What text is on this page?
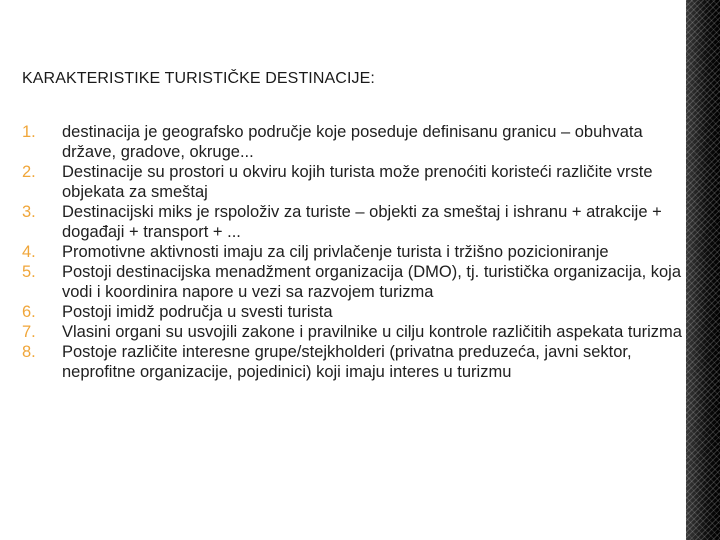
KARAKTERISTIKE TURISTIČKE DESTINACIJE:
1.	destinacija je geografsko područje koje poseduje definisanu granicu – obuhvata države, gradove, okruge...
2.	Destinacije su prostori u okviru kojih turista može prenoćiti koristeći različite vrste objekata za smeštaj
3.	Destinacijski miks je rspoloživ za turiste – objekti za smeštaj i ishranu + atrakcije + događaji + transport + ...
4.	Promotivne aktivnosti imaju za cilj privlačenje turista i tržišno pozicioniranje
5.	Postoji destinacijska menadžment organizacija (DMO), tj. turistička organizacija, koja vodi i koordinira napore u vezi sa razvojem turizma
6.	Postoji imidž područja u svesti turista
7.	Vlasini organi su usvojili zakone i pravilnike u cilju kontrole različitih aspekata turizma
8.	Postoje različite interesne grupe/stejkholderi (privatna preduzeća, javni sektor, neprofitne organizacije, pojedinici) koji imaju interes u turizmu
